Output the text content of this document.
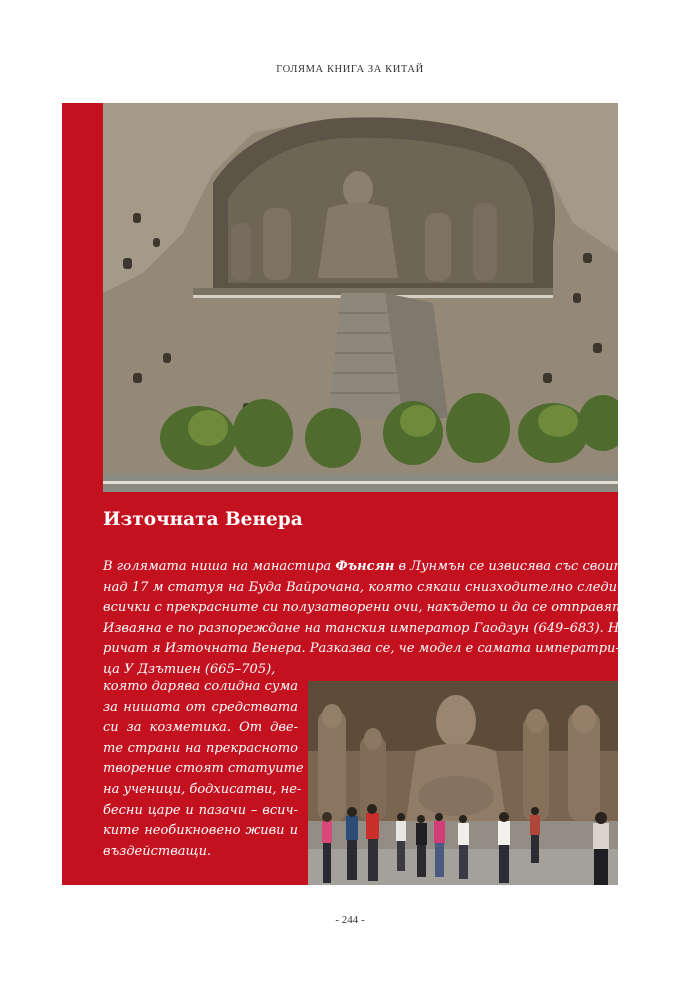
ГОЛЯМА КНИГА ЗА КИТАЙ
Източната Венера
В голямата ниша на манастира Фънсян в Лунмън се извисява със своите
над 17 м статуя на Буда Вайрочана, която сякаш снизходително следи
всички с прекрасните си полузатворени очи, накъдето и да се отправят.
Изваяна е по разпореждане на танския император Гаодзун (649–683). На-
ричат я Източната Венера. Разказва се, че модел е самата императри-
ца У Дзътиен (665–705),
която дарява солидна сума
за нишата от средствата
си за козметика. От две-
те страни на прекрасното
творение стоят статуите
на ученици, бодхисатви, не-
бесни царе и пазачи – всич-
ките необикновено живи и
въздействащи.
- 244 -
